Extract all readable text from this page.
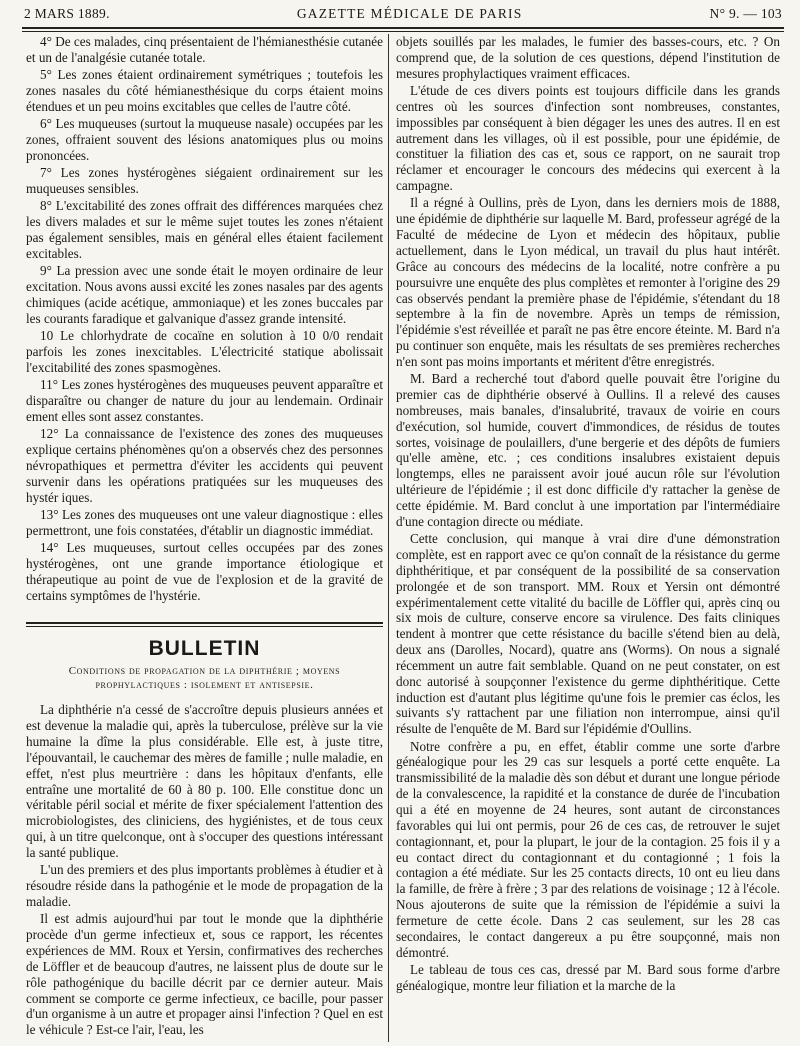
2 MARS 1889.	GAZETTE MÉDICALE DE PARIS	N° 9. — 103

4° De ces malades, cinq présentaient de l'hémianesthésie cutanée et un de l'analgésie cutanée totale.

5° Les zones étaient ordinairement symétriques ; toutefois les zones nasales du côté hémianesthésique du corps étaient moins étendues et un peu moins excitables que celles de l'autre côté.

6° Les muqueuses (surtout la muqueuse nasale) occupées par les zones, offraient souvent des lésions anatomiques plus ou moins prononcées.

7° Les zones hystérogènes siégaient ordinairement sur les muqueuses sensibles.

8° L'excitabilité des zones offrait des différences marquées chez les divers malades et sur le même sujet toutes les zones n'étaient pas également sensibles, mais en général elles étaient facilement excitables.

9° La pression avec une sonde était le moyen ordinaire de leur excitation. Nous avons aussi excité les zones nasales par des agents chimiques (acide acétique, ammoniaque) et les zones buccales par les courants faradique et galvanique d'assez grande intensité.

10 Le chlorhydrate de cocaïne en solution à 10 0/0 rendait parfois les zones inexcitables. L'électricité statique abolissait l'excitabilité des zones spasmogènes.

11° Les zones hystérogènes des muqueuses peuvent apparaître et disparaître ou changer de nature du jour au lendemain. Ordinair ement elles sont assez constantes.

12° La connaissance de l'existence des zones des muqueuses explique certains phénomènes qu'on a observés chez des personnes névropathiques et permettra d'éviter les accidents qui peuvent survenir dans les opérations pratiquées sur les muqueuses des hystér iques.

13° Les zones des muqueuses ont une valeur diagnostique : elles permettront, une fois constatées, d'établir un diagnostic immédiat.

14° Les muqueuses, surtout celles occupées par des zones hystérogènes, ont une grande importance étiologique et thérapeutique au point de vue de l'explosion et de la gravité de certains symptômes de l'hystérie.

BULLETIN
Conditions de propagation de la diphthérie ; moyens prophylactiques : isolement et antisepsie.

La diphthérie n'a cessé de s'accroître depuis plusieurs années et est devenue la maladie qui, après la tuberculose, prélève sur la vie humaine la dîme la plus considérable. Elle est, à juste titre, l'épouvantail, le cauchemar des mères de famille ; nulle maladie, en effet, n'est plus meurtrière : dans les hôpitaux d'enfants, elle entraîne une mortalité de 60 à 80 p. 100. Elle constitue donc un véritable péril social et mérite de fixer spécialement l'attention des microbiologistes, des cliniciens, des hygiénistes, et de tous ceux qui, à un titre quelconque, ont à s'occuper des questions intéressant la santé publique.

L'un des premiers et des plus importants problèmes à étudier et à résoudre réside dans la pathogénie et le mode de propagation de la maladie.

Il est admis aujourd'hui par tout le monde que la diphthérie procède d'un germe infectieux et, sous ce rapport, les récentes expériences de MM. Roux et Yersin, confirmatives des recherches de Löffler et de beaucoup d'autres, ne laissent plus de doute sur le rôle pathogénique du bacille décrit par ce dernier auteur. Mais comment se comporte ce germe infectieux, ce bacille, pour passer d'un organisme à un autre et propager ainsi l'infection ? Quel en est le véhicule ? Est-ce l'air, l'eau, les

objets souillés par les malades, le fumier des basses-cours, etc. ? On comprend que, de la solution de ces questions, dépend l'institution de mesures prophylactiques vraiment efficaces.

L'étude de ces divers points est toujours difficile dans les grands centres où les sources d'infection sont nombreuses, constantes, impossibles par conséquent à bien dégager les unes des autres. Il en est autrement dans les villages, où il est possible, pour une épidémie, de constituer la filiation des cas et, sous ce rapport, on ne saurait trop réclamer et encourager le concours des médecins qui exercent à la campagne.

Il a régné à Oullins, près de Lyon, dans les derniers mois de 1888, une épidémie de diphthérie sur laquelle M. Bard, professeur agrégé de la Faculté de médecine de Lyon et médecin des hôpitaux, publie actuellement, dans le Lyon médical, un travail du plus haut intérêt. Grâce au concours des médecins de la localité, notre confrère a pu poursuivre une enquête des plus complètes et remonter à l'origine des 29 cas observés pendant la première phase de l'épidémie, s'étendant du 18 septembre à la fin de novembre. Après un temps de rémission, l'épidémie s'est réveillée et paraît ne pas être encore éteinte. M. Bard n'a pu continuer son enquête, mais les résultats de ses premières recherches n'en sont pas moins importants et méritent d'être enregistrés.

M. Bard a recherché tout d'abord quelle pouvait être l'origine du premier cas de diphthérie observé à Oullins. Il a relevé des causes nombreuses, mais banales, d'insalubrité, travaux de voirie en cours d'exécution, sol humide, couvert d'immondices, de résidus de toutes sortes, voisinage de poulaillers, d'une bergerie et des dépôts de fumiers qu'elle amène, etc. ; ces conditions insalubres existaient depuis longtemps, elles ne paraissent avoir joué aucun rôle sur l'évolution ultérieure de l'épidémie ; il est donc difficile d'y rattacher la genèse de cette épidémie. M. Bard conclut à une importation par l'intermédiaire d'une contagion directe ou médiate.

Cette conclusion, qui manque à vrai dire d'une démonstration complète, est en rapport avec ce qu'on connaît de la résistance du germe diphthéritique, et par conséquent de la possibilité de sa conservation prolongée et de son transport. MM. Roux et Yersin ont démontré expérimentalement cette vitalité du bacille de Löffler qui, après cinq ou six mois de culture, conserve encore sa virulence. Des faits cliniques tendent à montrer que cette résistance du bacille s'étend bien au delà, deux ans (Darolles, Nocard), quatre ans (Worms). On nous a signalé récemment un autre fait semblable. Quand on ne peut constater, on est donc autorisé à soupçonner l'existence du germe diphthéritique. Cette induction est d'autant plus légitime qu'une fois le premier cas éclos, les suivants s'y rattachent par une filiation non interrompue, ainsi qu'il résulte de l'enquête de M. Bard sur l'épidémie d'Oullins.

Notre confrère a pu, en effet, établir comme une sorte d'arbre généalogique pour les 29 cas sur lesquels a porté cette enquête. La transmissibilité de la maladie dès son début et durant une longue période de la convalescence, la rapidité et la constance de durée de l'incubation qui a été en moyenne de 24 heures, sont autant de circonstances favorables qui lui ont permis, pour 26 de ces cas, de retrouver le sujet contagionnant, et, pour la plupart, le jour de la contagion. 25 fois il y a eu contact direct du contagionnant et du contagionné ; 1 fois la contagion a été médiate. Sur les 25 contacts directs, 10 ont eu lieu dans la famille, de frère à frère ; 3 par des relations de voisinage ; 12 à l'école. Nous ajouterons de suite que la rémission de l'épidémie a suivi la fermeture de cette école. Dans 2 cas seulement, sur les 28 cas secondaires, le contact dangereux a pu être soupçonné, mais non démontré.

Le tableau de tous ces cas, dressé par M. Bard sous forme d'arbre généalogique, montre leur filiation et la marche de la
